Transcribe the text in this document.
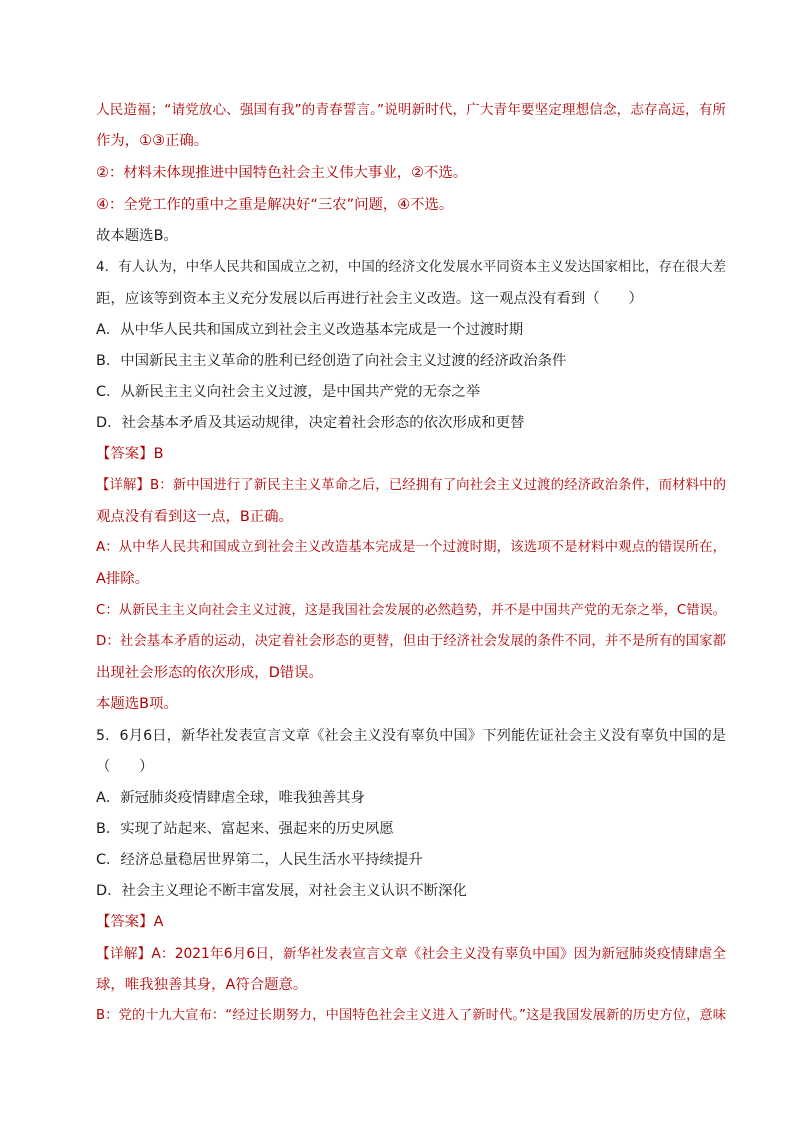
人民造福；“请党放心、强国有我”的青春誓言。”说明新时代，广大青年要坚定理想信念，志存高远，有所
作为，①③正确。
②：材料未体现推进中国特色社会主义伟大事业，②不选。
④：全党工作的重中之重是解决好“三农”问题，④不选。
故本题选B。
4．有人认为，中华人民共和国成立之初，中国的经济文化发展水平同资本主义发达国家相比，存在很大差
距，应该等到资本主义充分发展以后再进行社会主义改造。这一观点没有看到（　　）
A．从中华人民共和国成立到社会主义改造基本完成是一个过渡时期
B．中国新民主主义革命的胜利已经创造了向社会主义过渡的经济政治条件
C．从新民主主义向社会主义过渡，是中国共产党的无奈之举
D．社会基本矛盾及其运动规律，决定着社会形态的依次形成和更替
【答案】B
【详解】B：新中国进行了新民主主义革命之后，已经拥有了向社会主义过渡的经济政治条件，而材料中的
观点没有看到这一点，B正确。
A：从中华人民共和国成立到社会主义改造基本完成是一个过渡时期，该选项不是材料中观点的错误所在，
A排除。
C：从新民主主义向社会主义过渡，这是我国社会发展的必然趋势，并不是中国共产党的无奈之举，C错误。
D：社会基本矛盾的运动，决定着社会形态的更替，但由于经济社会发展的条件不同，并不是所有的国家都
出现社会形态的依次形成，D错误。
本题选B项。
5．6月6日，新华社发表宣言文章《社会主义没有辜负中国》下列能佐证社会主义没有辜负中国的是
（　　）
A．新冠肺炎疫情肆虐全球，唯我独善其身
B．实现了站起来、富起来、强起来的历史夙愿
C．经济总量稳居世界第二，人民生活水平持续提升
D．社会主义理论不断丰富发展，对社会主义认识不断深化
【答案】A
【详解】A：2021年6月6日，新华社发表宣言文章《社会主义没有辜负中国》因为新冠肺炎疫情肆虐全
球，唯我独善其身，A符合题意。
B：党的十九大宣布：“经过长期努力，中国特色社会主义进入了新时代。”这是我国发展新的历史方位，意味
